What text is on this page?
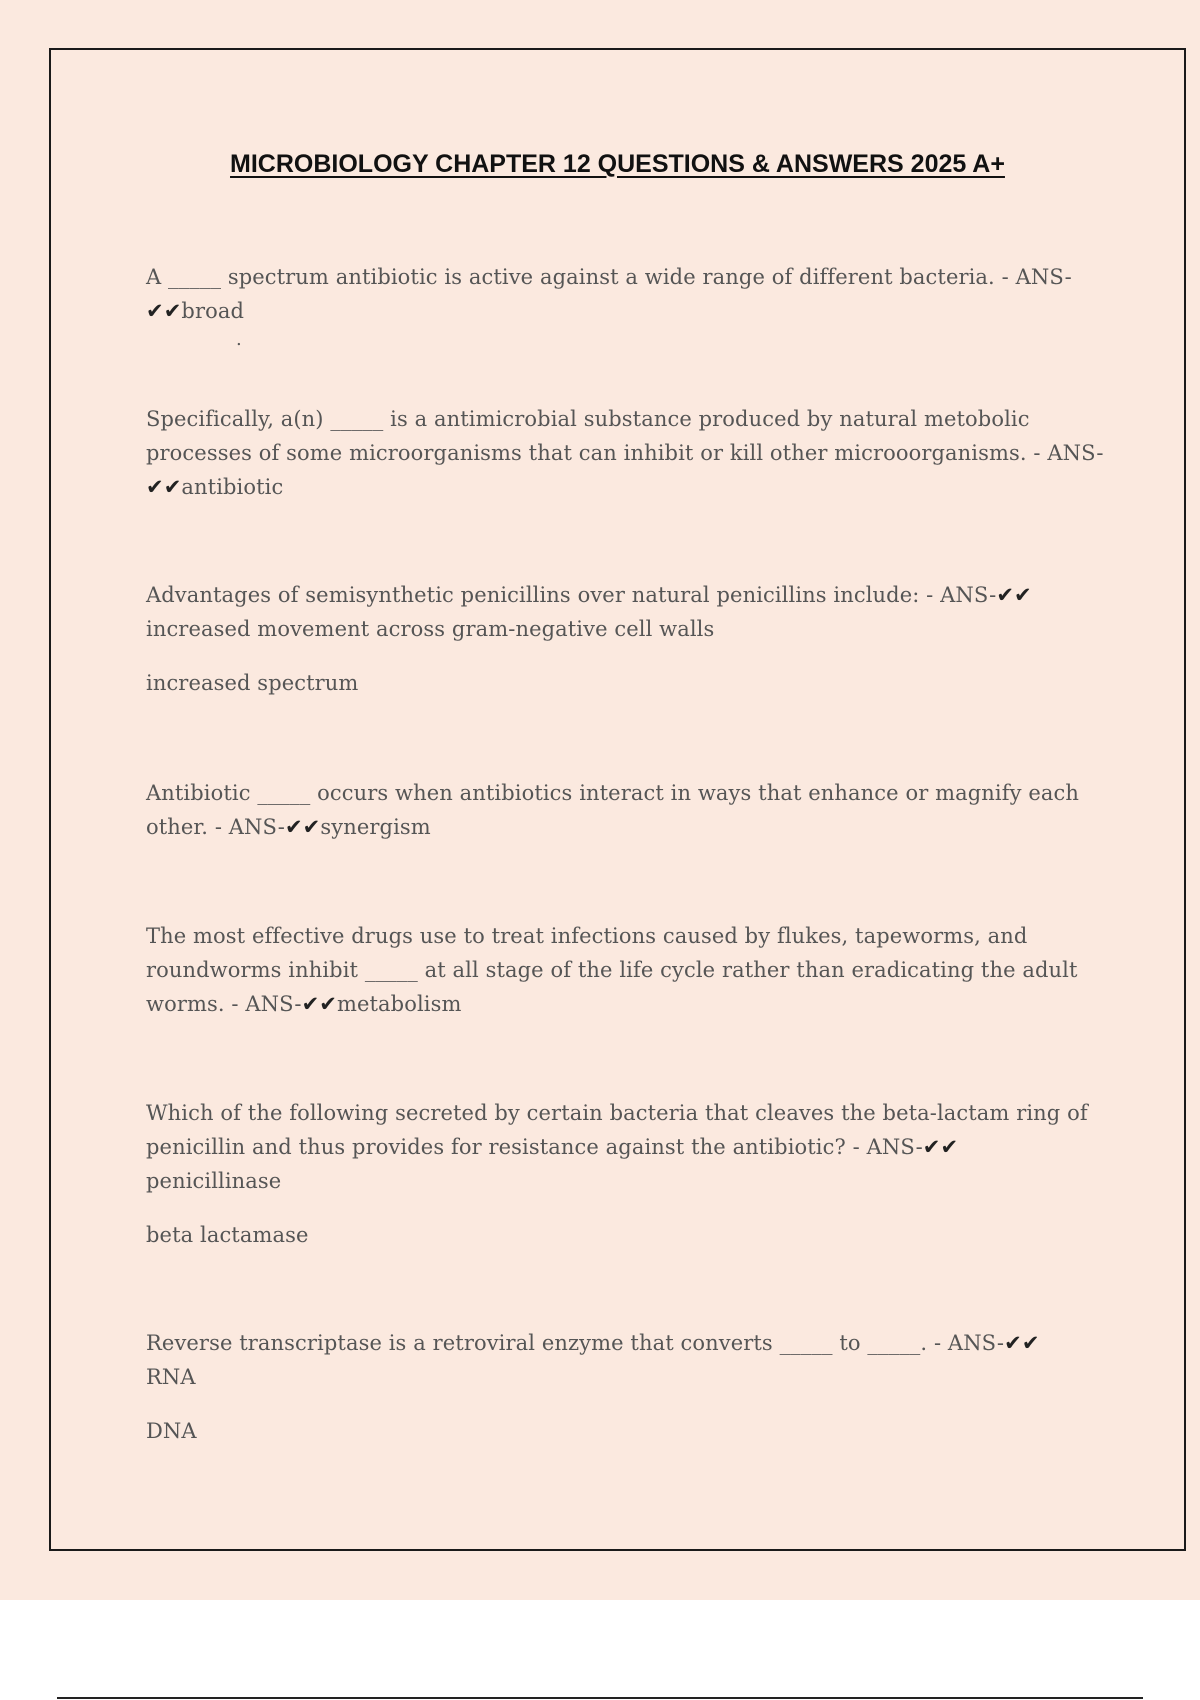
MICROBIOLOGY CHAPTER 12 QUESTIONS & ANSWERS 2025 A+

A _____ spectrum antibiotic is active against a wide range of different bacteria. - ANS-✔✔broad

.

Specifically, a(n) _____ is a antimicrobial substance produced by natural metobolic processes of some microorganisms that can inhibit or kill other microoorganisms. - ANS-✔✔antibiotic

Advantages of semisynthetic penicillins over natural penicillins include: - ANS-✔✔
increased movement across gram-negative cell walls

increased spectrum

Antibiotic _____ occurs when antibiotics interact in ways that enhance or magnify each other. - ANS-✔✔synergism

The most effective drugs use to treat infections caused by flukes, tapeworms, and roundworms inhibit _____ at all stage of the life cycle rather than eradicating the adult worms. - ANS-✔✔metabolism

Which of the following secreted by certain bacteria that cleaves the beta-lactam ring of penicillin and thus provides for resistance against the antibiotic? - ANS-✔✔
penicillinase

beta lactamase

Reverse transcriptase is a retroviral enzyme that converts _____ to _____. - ANS-✔✔
RNA

DNA
